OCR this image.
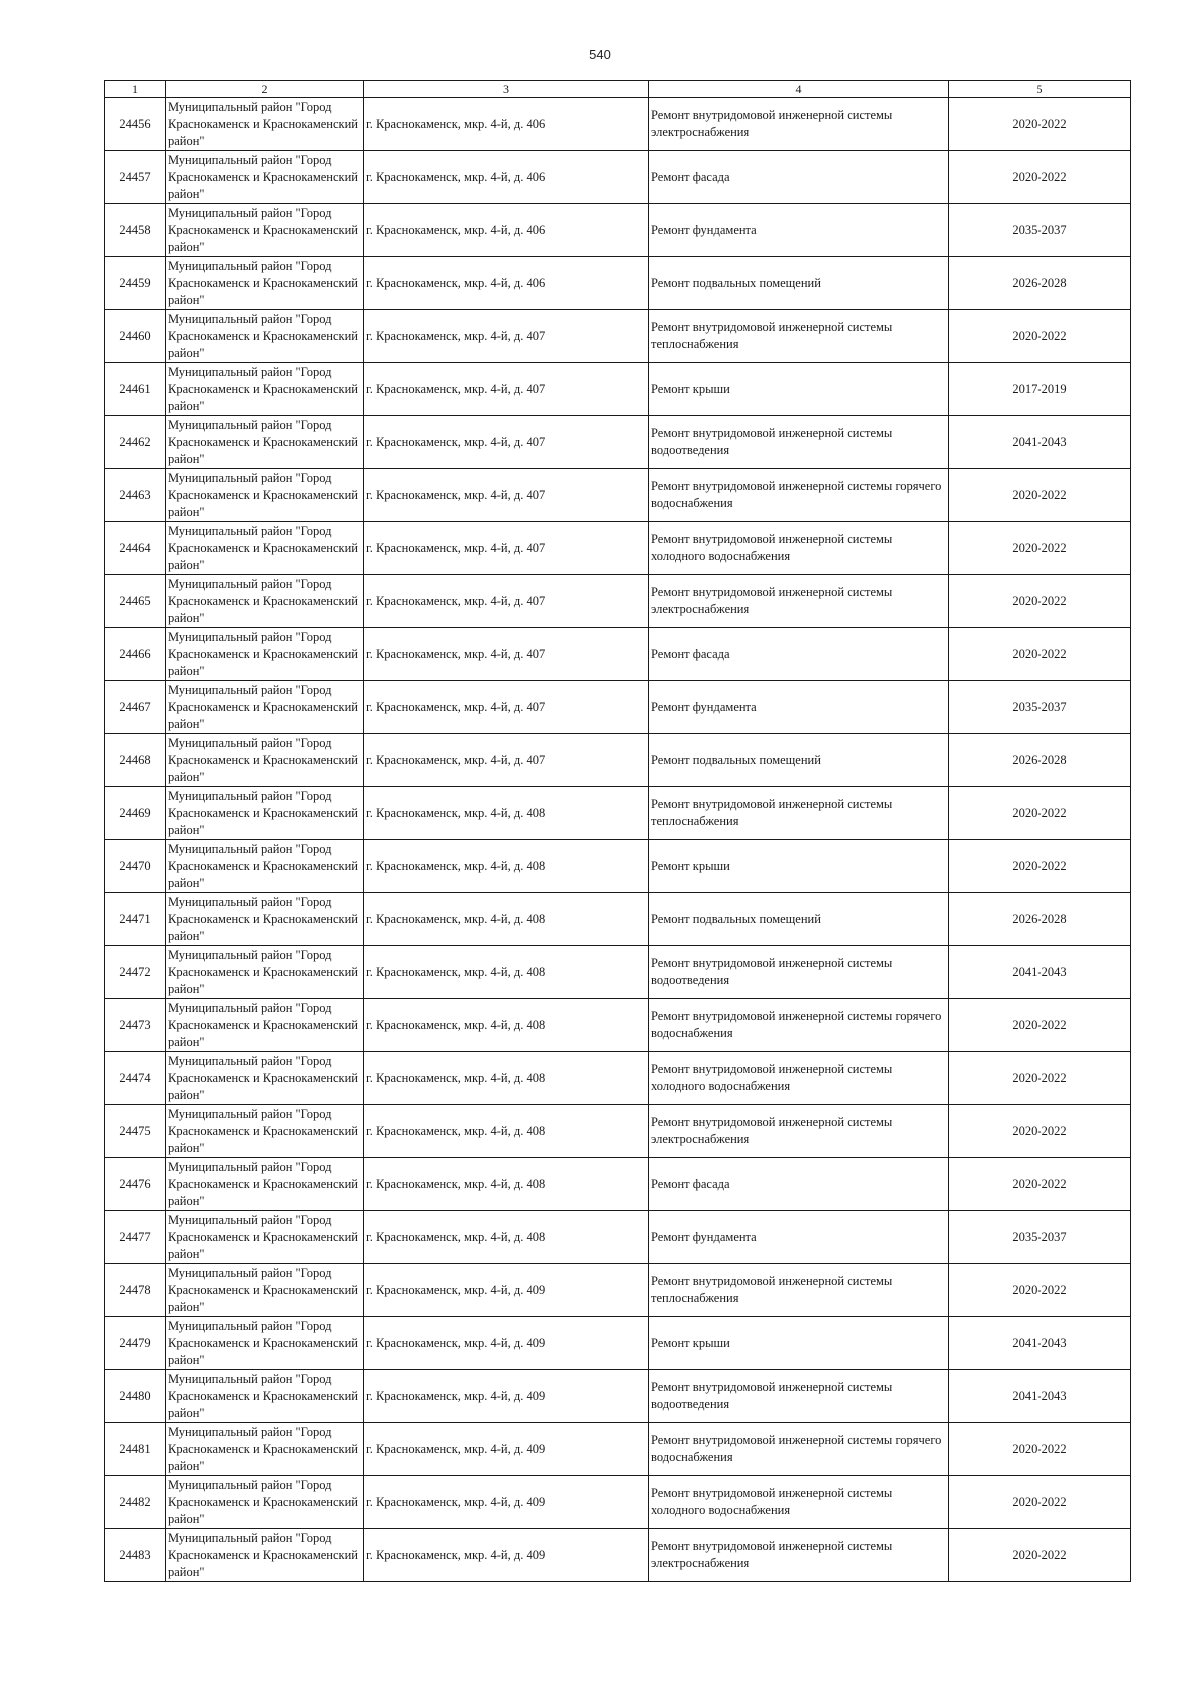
540
1	2	3	4	5
24456	Муниципальный район "Город Краснокаменск и Краснокаменский район"	г. Краснокаменск, мкр. 4-й, д. 406	Ремонт внутридомовой инженерной системы электроснабжения	2020-2022
24457	Муниципальный район "Город Краснокаменск и Краснокаменский район"	г. Краснокаменск, мкр. 4-й, д. 406	Ремонт фасада	2020-2022
24458	Муниципальный район "Город Краснокаменск и Краснокаменский район"	г. Краснокаменск, мкр. 4-й, д. 406	Ремонт фундамента	2035-2037
24459	Муниципальный район "Город Краснокаменск и Краснокаменский район"	г. Краснокаменск, мкр. 4-й, д. 406	Ремонт подвальных помещений	2026-2028
24460	Муниципальный район "Город Краснокаменск и Краснокаменский район"	г. Краснокаменск, мкр. 4-й, д. 407	Ремонт внутридомовой инженерной системы теплоснабжения	2020-2022
24461	Муниципальный район "Город Краснокаменск и Краснокаменский район"	г. Краснокаменск, мкр. 4-й, д. 407	Ремонт крыши	2017-2019
24462	Муниципальный район "Город Краснокаменск и Краснокаменский район"	г. Краснокаменск, мкр. 4-й, д. 407	Ремонт внутридомовой инженерной системы водоотведения	2041-2043
24463	Муниципальный район "Город Краснокаменск и Краснокаменский район"	г. Краснокаменск, мкр. 4-й, д. 407	Ремонт внутридомовой инженерной системы горячего водоснабжения	2020-2022
24464	Муниципальный район "Город Краснокаменск и Краснокаменский район"	г. Краснокаменск, мкр. 4-й, д. 407	Ремонт внутридомовой инженерной системы холодного водоснабжения	2020-2022
24465	Муниципальный район "Город Краснокаменск и Краснокаменский район"	г. Краснокаменск, мкр. 4-й, д. 407	Ремонт внутридомовой инженерной системы электроснабжения	2020-2022
24466	Муниципальный район "Город Краснокаменск и Краснокаменский район"	г. Краснокаменск, мкр. 4-й, д. 407	Ремонт фасада	2020-2022
24467	Муниципальный район "Город Краснокаменск и Краснокаменский район"	г. Краснокаменск, мкр. 4-й, д. 407	Ремонт фундамента	2035-2037
24468	Муниципальный район "Город Краснокаменск и Краснокаменский район"	г. Краснокаменск, мкр. 4-й, д. 407	Ремонт подвальных помещений	2026-2028
24469	Муниципальный район "Город Краснокаменск и Краснокаменский район"	г. Краснокаменск, мкр. 4-й, д. 408	Ремонт внутридомовой инженерной системы теплоснабжения	2020-2022
24470	Муниципальный район "Город Краснокаменск и Краснокаменский район"	г. Краснокаменск, мкр. 4-й, д. 408	Ремонт крыши	2020-2022
24471	Муниципальный район "Город Краснокаменск и Краснокаменский район"	г. Краснокаменск, мкр. 4-й, д. 408	Ремонт подвальных помещений	2026-2028
24472	Муниципальный район "Город Краснокаменск и Краснокаменский район"	г. Краснокаменск, мкр. 4-й, д. 408	Ремонт внутридомовой инженерной системы водоотведения	2041-2043
24473	Муниципальный район "Город Краснокаменск и Краснокаменский район"	г. Краснокаменск, мкр. 4-й, д. 408	Ремонт внутридомовой инженерной системы горячего водоснабжения	2020-2022
24474	Муниципальный район "Город Краснокаменск и Краснокаменский район"	г. Краснокаменск, мкр. 4-й, д. 408	Ремонт внутридомовой инженерной системы холодного водоснабжения	2020-2022
24475	Муниципальный район "Город Краснокаменск и Краснокаменский район"	г. Краснокаменск, мкр. 4-й, д. 408	Ремонт внутридомовой инженерной системы электроснабжения	2020-2022
24476	Муниципальный район "Город Краснокаменск и Краснокаменский район"	г. Краснокаменск, мкр. 4-й, д. 408	Ремонт фасада	2020-2022
24477	Муниципальный район "Город Краснокаменск и Краснокаменский район"	г. Краснокаменск, мкр. 4-й, д. 408	Ремонт фундамента	2035-2037
24478	Муниципальный район "Город Краснокаменск и Краснокаменский район"	г. Краснокаменск, мкр. 4-й, д. 409	Ремонт внутридомовой инженерной системы теплоснабжения	2020-2022
24479	Муниципальный район "Город Краснокаменск и Краснокаменский район"	г. Краснокаменск, мкр. 4-й, д. 409	Ремонт крыши	2041-2043
24480	Муниципальный район "Город Краснокаменск и Краснокаменский район"	г. Краснокаменск, мкр. 4-й, д. 409	Ремонт внутридомовой инженерной системы водоотведения	2041-2043
24481	Муниципальный район "Город Краснокаменск и Краснокаменский район"	г. Краснокаменск, мкр. 4-й, д. 409	Ремонт внутридомовой инженерной системы горячего водоснабжения	2020-2022
24482	Муниципальный район "Город Краснокаменск и Краснокаменский район"	г. Краснокаменск, мкр. 4-й, д. 409	Ремонт внутридомовой инженерной системы холодного водоснабжения	2020-2022
24483	Муниципальный район "Город Краснокаменск и Краснокаменский район"	г. Краснокаменск, мкр. 4-й, д. 409	Ремонт внутридомовой инженерной системы электроснабжения	2020-2022
